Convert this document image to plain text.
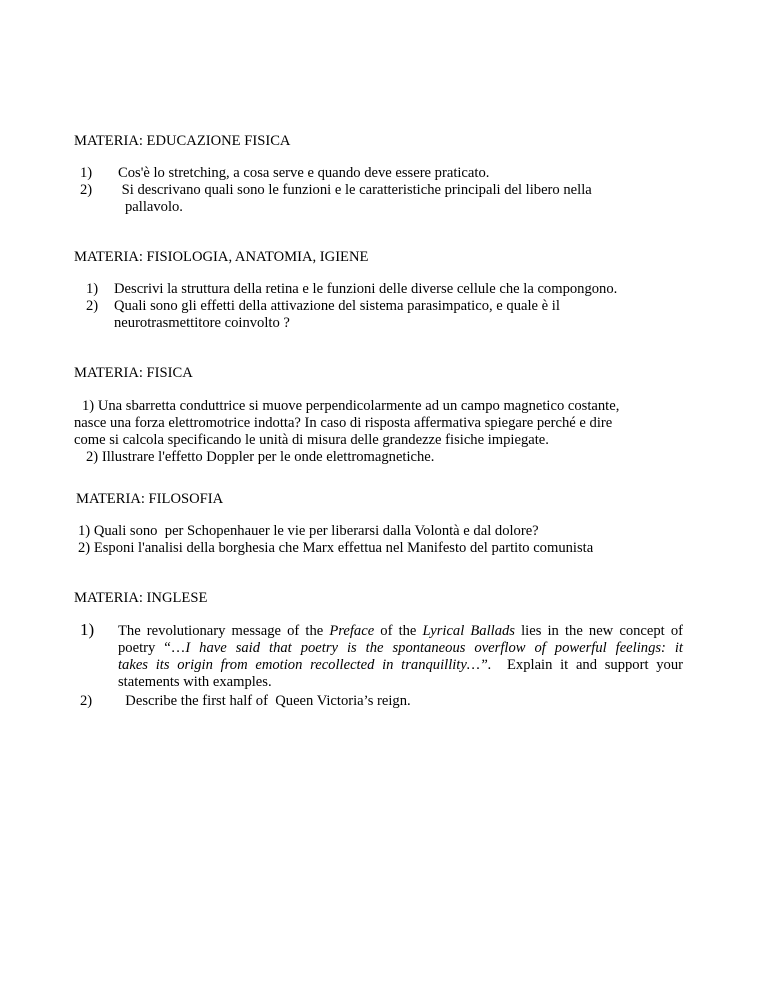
MATERIA: EDUCAZIONE FISICA
1) Cos'è lo stretching, a cosa serve e quando deve essere praticato.
2) Si descrivano quali sono le funzioni e le caratteristiche principali del libero nella
pallavolo.
MATERIA: FISIOLOGIA, ANATOMIA, IGIENE
1) Descrivi la struttura della retina e le funzioni delle diverse cellule che la compongono.
2) Quali sono gli effetti della attivazione del sistema parasimpatico, e quale è il
neurotrasmettitore coinvolto ?
MATERIA: FISICA
1) Una sbarretta conduttrice si muove perpendicolarmente ad un campo magnetico costante,
nasce una forza elettromotrice indotta? In caso di risposta affermativa spiegare perché e dire
come si calcola specificando le unità di misura delle grandezze fisiche impiegate.
2) Illustrare l'effetto Doppler per le onde elettromagnetiche.
MATERIA: FILOSOFIA
1) Quali sono  per Schopenhauer le vie per liberarsi dalla Volontà e dal dolore?
2) Esponi l'analisi della borghesia che Marx effettua nel Manifesto del partito comunista
MATERIA: INGLESE
1) The revolutionary message of the Preface of the Lyrical Ballads lies in the new concept of
poetry “…I have said that poetry is the spontaneous overflow of powerful feelings: it
takes its origin from emotion recollected in tranquillity…”.  Explain it and support your
statements with examples.
2) Describe the first half of  Queen Victoria’s reign.
